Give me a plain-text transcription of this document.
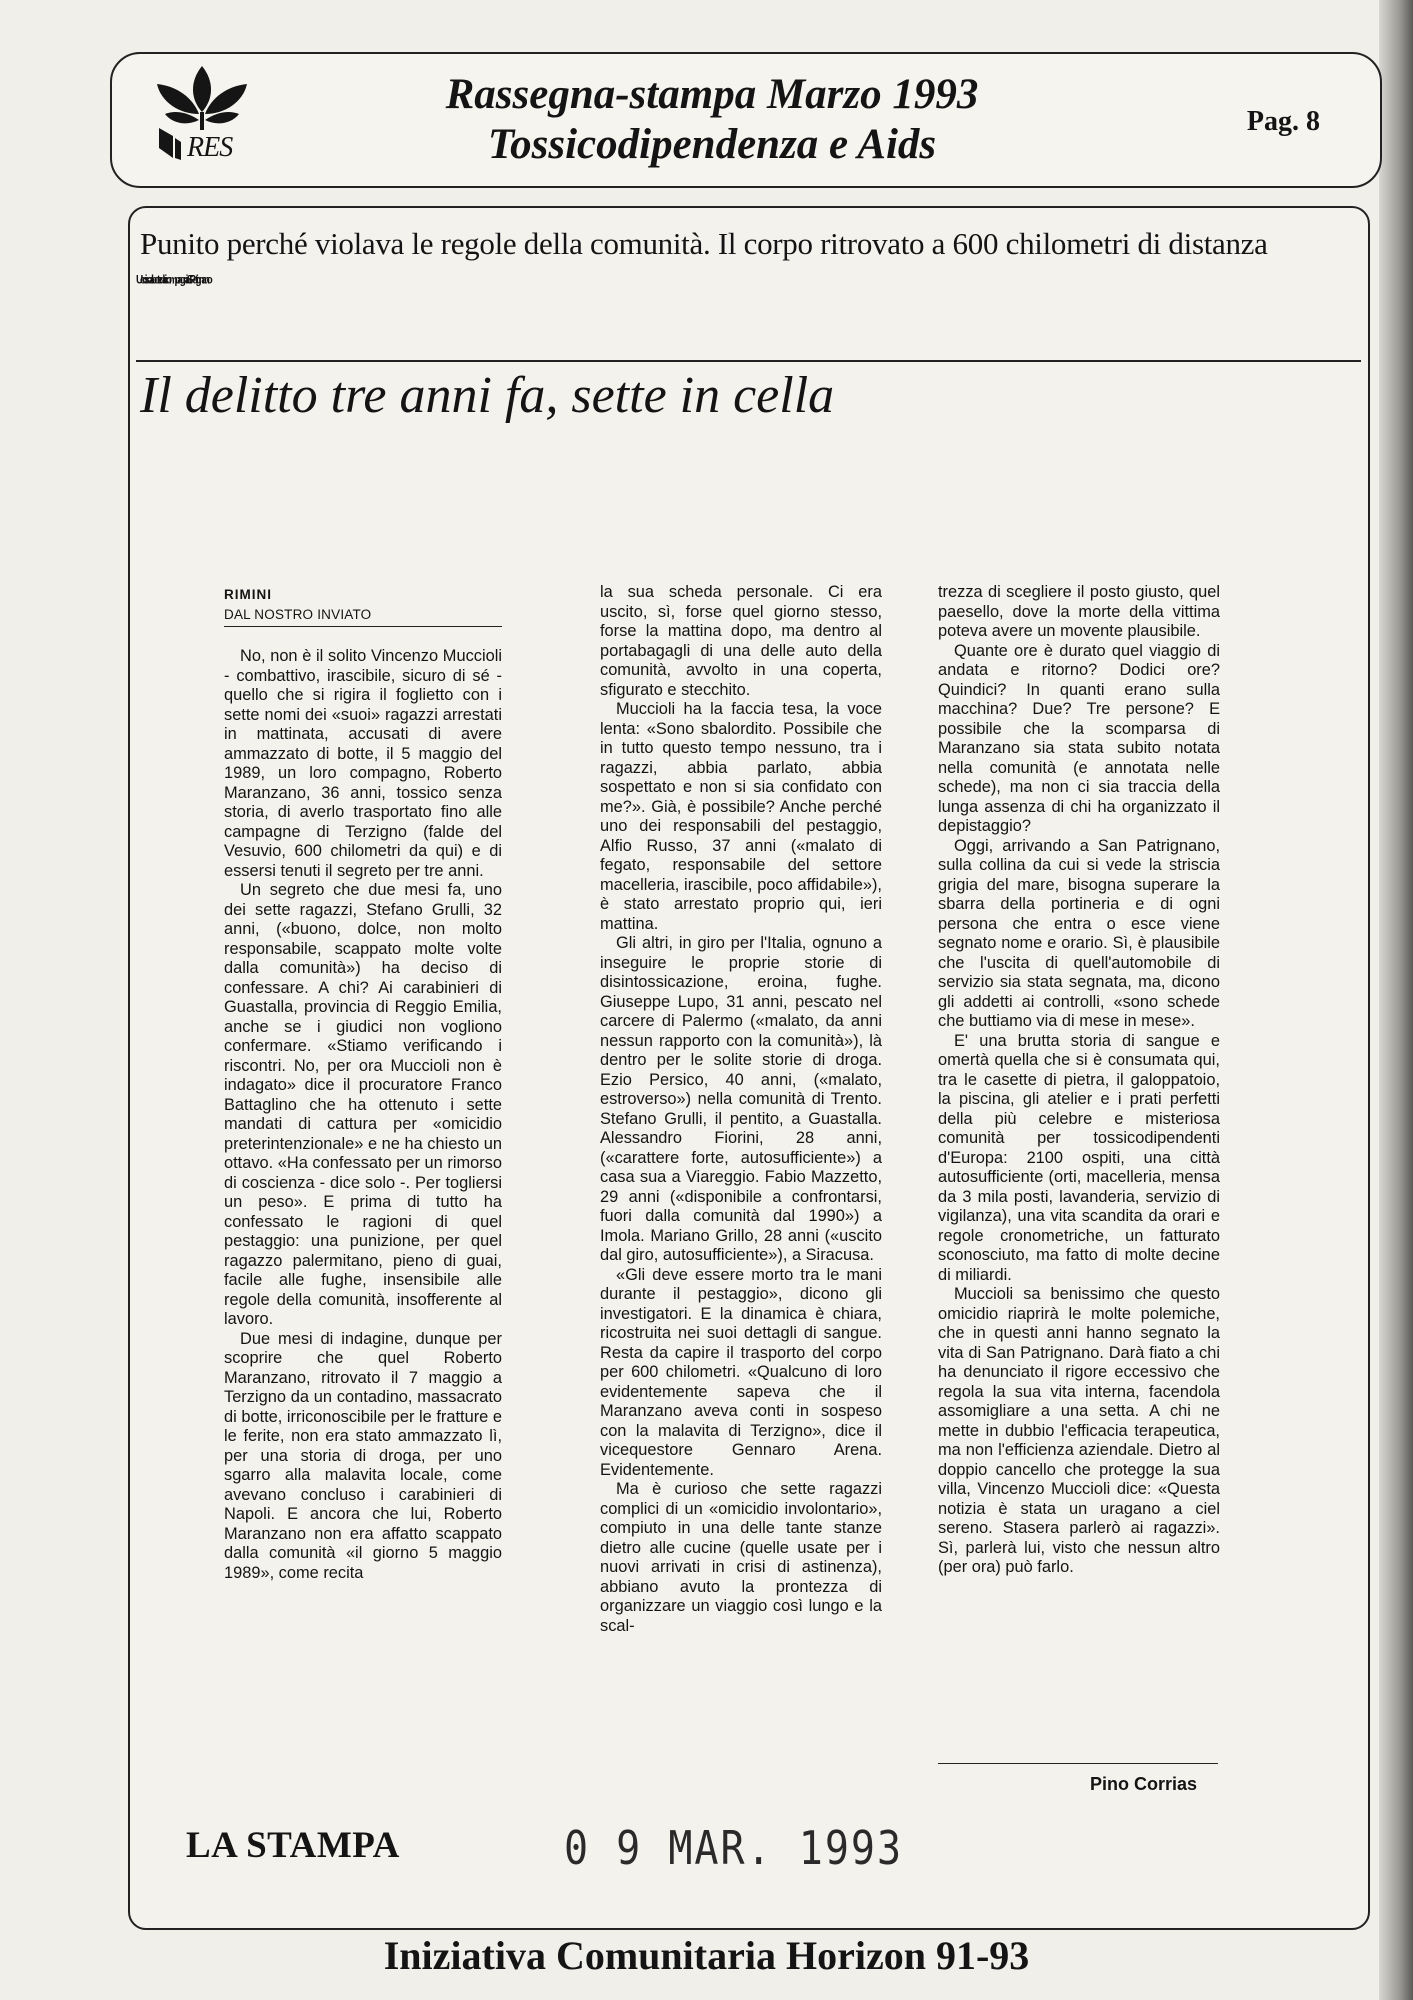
RES
Rassegna-stampa Marzo 1993
Tossicodipendenza e Aids	Pag. 8

Punito perché violava le regole della comunità. Il corpo ritrovato a 600 chilometri di distanza
Ucciso a botte dai compagni a S. Patrignano
Il delitto tre anni fa, sette in cella

RIMINI

DAL NOSTRO INVIATO

No, non è il solito Vincenzo Muccioli - combattivo, irascibile, sicuro di sé - quello che si rigira il foglietto con i sette nomi dei «suoi» ragazzi arrestati in mattinata, accusati di avere ammazzato di botte, il 5 maggio del 1989, un loro compagno, Roberto Maranzano, 36 anni, tossico senza storia, di averlo trasportato fino alle campagne di Terzigno (falde del Vesuvio, 600 chilometri da qui) e di essersi tenuti il segreto per tre anni.

Un segreto che due mesi fa, uno dei sette ragazzi, Stefano Grulli, 32 anni, («buono, dolce, non molto responsabile, scappato molte volte dalla comunità») ha deciso di confessare. A chi? Ai carabinieri di Guastalla, provincia di Reggio Emilia, anche se i giudici non vogliono confermare. «Stiamo verificando i riscontri. No, per ora Muccioli non è indagato» dice il procuratore Franco Battaglino che ha ottenuto i sette mandati di cattura per «omicidio preterintenzionale» e ne ha chiesto un ottavo. «Ha confessato per un rimorso di coscienza - dice solo -. Per togliersi un peso». E prima di tutto ha confessato le ragioni di quel pestaggio: una punizione, per quel ragazzo palermitano, pieno di guai, facile alle fughe, insensibile alle regole della comunità, insofferente al lavoro.

Due mesi di indagine, dunque per scoprire che quel Roberto Maranzano, ritrovato il 7 maggio a Terzigno da un contadino, massacrato di botte, irriconoscibile per le fratture e le ferite, non era stato ammazzato lì, per una storia di droga, per uno sgarro alla malavita locale, come avevano concluso i carabinieri di Napoli. E ancora che lui, Roberto Maranzano non era affatto scappato dalla comunità «il giorno 5 maggio 1989», come recita

la sua scheda personale. Ci era uscito, sì, forse quel giorno stesso, forse la mattina dopo, ma dentro al portabagagli di una delle auto della comunità, avvolto in una coperta, sfigurato e stecchito.

Muccioli ha la faccia tesa, la voce lenta: «Sono sbalordito. Possibile che in tutto questo tempo nessuno, tra i ragazzi, abbia parlato, abbia sospettato e non si sia confidato con me?». Già, è possibile? Anche perché uno dei responsabili del pestaggio, Alfio Russo, 37 anni («malato di fegato, responsabile del settore macelleria, irascibile, poco affidabile»), è stato arrestato proprio qui, ieri mattina.

Gli altri, in giro per l'Italia, ognuno a inseguire le proprie storie di disintossicazione, eroina, fughe. Giuseppe Lupo, 31 anni, pescato nel carcere di Palermo («malato, da anni nessun rapporto con la comunità»), là dentro per le solite storie di droga. Ezio Persico, 40 anni, («malato, estroverso») nella comunità di Trento. Stefano Grulli, il pentito, a Guastalla. Alessandro Fiorini, 28 anni, («carattere forte, autosufficiente») a casa sua a Viareggio. Fabio Mazzetto, 29 anni («disponibile a confrontarsi, fuori dalla comunità dal 1990») a Imola. Mariano Grillo, 28 anni («uscito dal giro, autosufficiente»), a Siracusa.

«Gli deve essere morto tra le mani durante il pestaggio», dicono gli investigatori. E la dinamica è chiara, ricostruita nei suoi dettagli di sangue. Resta da capire il trasporto del corpo per 600 chilometri. «Qualcuno di loro evidentemente sapeva che il Maranzano aveva conti in sospeso con la malavita di Terzigno», dice il vicequestore Gennaro Arena. Evidentemente.

Ma è curioso che sette ragazzi complici di un «omicidio involontario», compiuto in una delle tante stanze dietro alle cucine (quelle usate per i nuovi arrivati in crisi di astinenza), abbiano avuto la prontezza di organizzare un viaggio così lungo e la scal-

trezza di scegliere il posto giusto, quel paesello, dove la morte della vittima poteva avere un movente plausibile.

Quante ore è durato quel viaggio di andata e ritorno? Dodici ore? Quindici? In quanti erano sulla macchina? Due? Tre persone? E possibile che la scomparsa di Maranzano sia stata subito notata nella comunità (e annotata nelle schede), ma non ci sia traccia della lunga assenza di chi ha organizzato il depistaggio?

Oggi, arrivando a San Patrignano, sulla collina da cui si vede la striscia grigia del mare, bisogna superare la sbarra della portineria e di ogni persona che entra o esce viene segnato nome e orario. Sì, è plausibile che l'uscita di quell'automobile di servizio sia stata segnata, ma, dicono gli addetti ai controlli, «sono schede che buttiamo via di mese in mese».

E' una brutta storia di sangue e omertà quella che si è consumata qui, tra le casette di pietra, il galoppatoio, la piscina, gli atelier e i prati perfetti della più celebre e misteriosa comunità per tossicodipendenti d'Europa: 2100 ospiti, una città autosufficiente (orti, macelleria, mensa da 3 mila posti, lavanderia, servizio di vigilanza), una vita scandita da orari e regole cronometriche, un fatturato sconosciuto, ma fatto di molte decine di miliardi.

Muccioli sa benissimo che questo omicidio riaprirà le molte polemiche, che in questi anni hanno segnato la vita di San Patrignano. Darà fiato a chi ha denunciato il rigore eccessivo che regola la sua vita interna, facendola assomigliare a una setta. A chi ne mette in dubbio l'efficacia terapeutica, ma non l'efficienza aziendale. Dietro al doppio cancello che protegge la sua villa, Vincenzo Muccioli dice: «Questa notizia è stata un uragano a ciel sereno. Stasera parlerò ai ragazzi». Sì, parlerà lui, visto che nessun altro (per ora) può farlo.

Pino Corrias
LA STAMPA	0 9 MAR. 1993
Iniziativa Comunitaria Horizon 91-93
